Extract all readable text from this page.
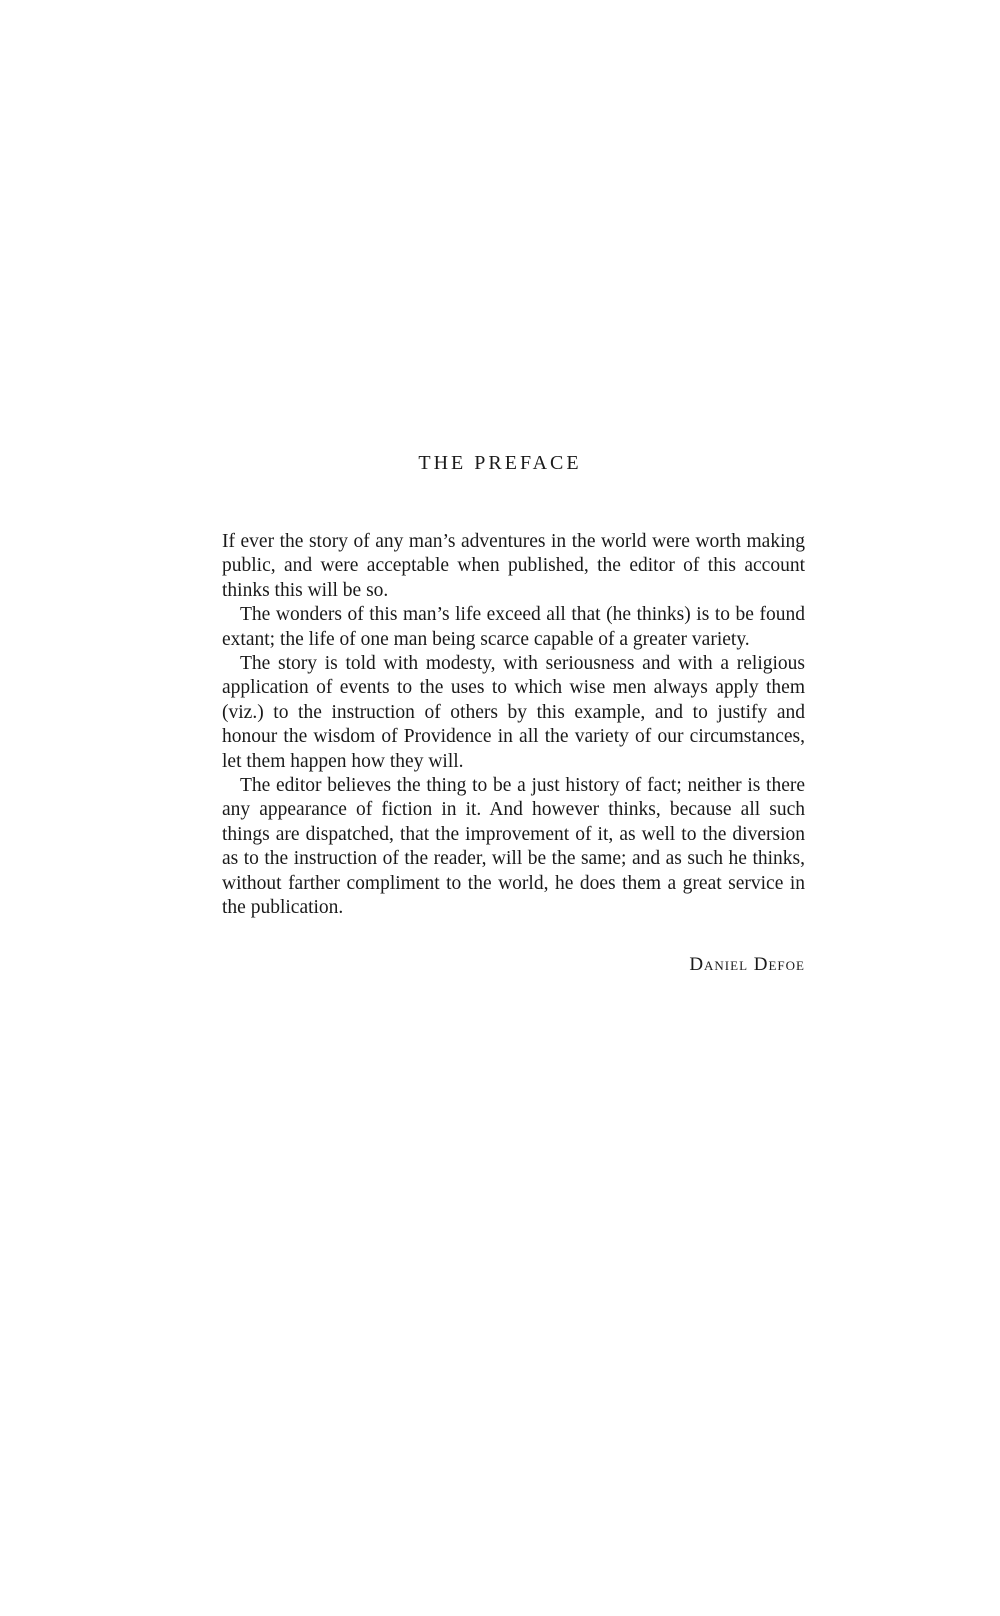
THE PREFACE

If ever the story of any man’s adventures in the world were worth making public, and were acceptable when published, the editor of this account thinks this will be so.

The wonders of this man’s life exceed all that (he thinks) is to be found extant; the life of one man being scarce capable of a greater variety.

The story is told with modesty, with seriousness and with a religious application of events to the uses to which wise men always apply them (viz.) to the instruction of others by this example, and to justify and honour the wisdom of Providence in all the variety of our circumstances, let them happen how they will.

The editor believes the thing to be a just history of fact; neither is there any appearance of fiction in it. And however thinks, because all such things are dispatched, that the improvement of it, as well to the diversion as to the instruction of the reader, will be the same; and as such he thinks, without farther compliment to the world, he does them a great service in the publication.

Daniel Defoe
